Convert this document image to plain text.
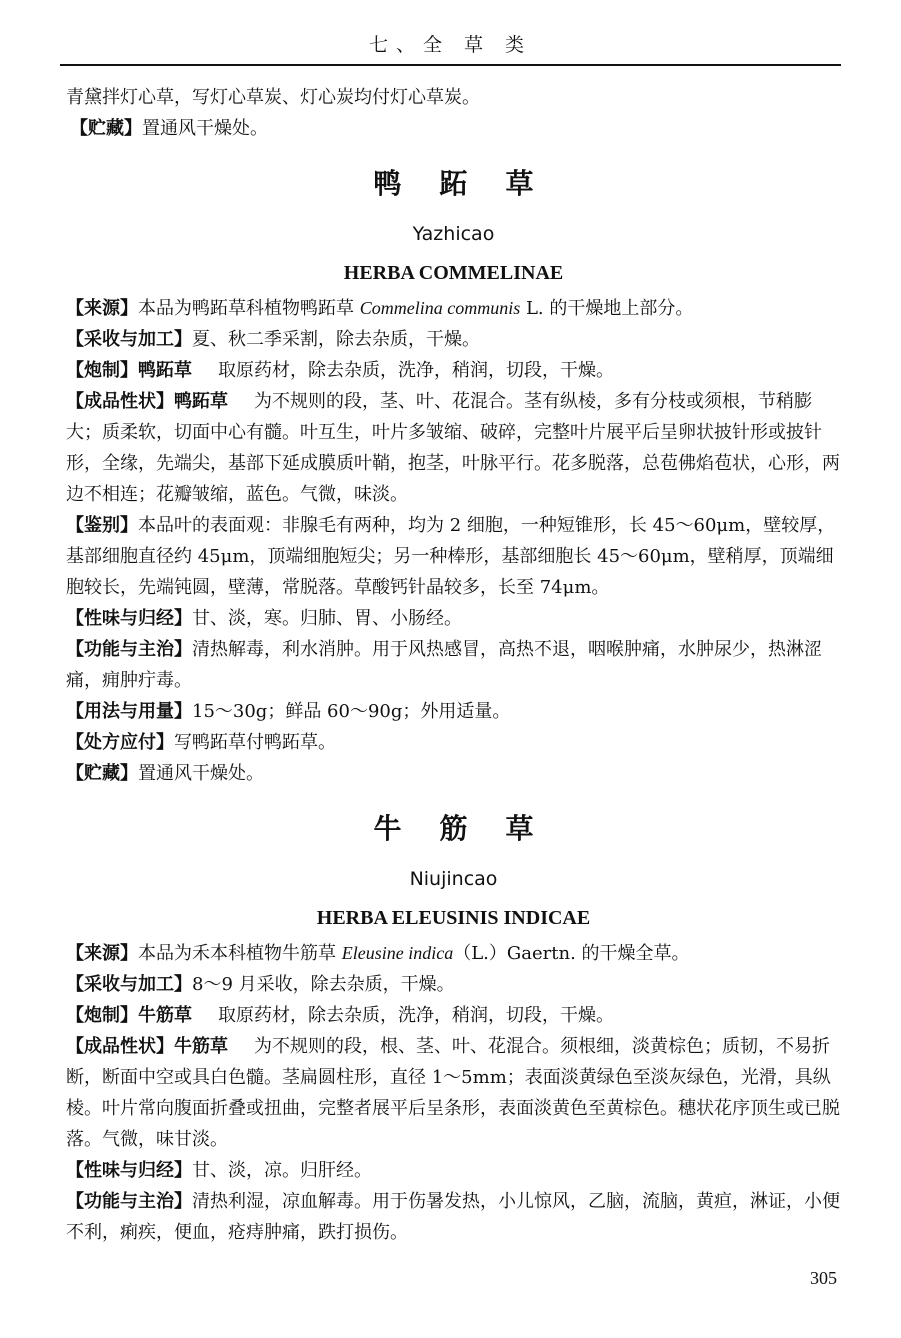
七、全 草 类

青黛拌灯心草，写灯心草炭、灯心炭均付灯心草炭。

【贮藏】置通风干燥处。

鸭跖草

Yazhicao

HERBA COMMELINAE

【来源】本品为鸭跖草科植物鸭跖草 Commelina communis L. 的干燥地上部分。

【采收与加工】夏、秋二季采割，除去杂质，干燥。

【炮制】鸭跖草 取原药材，除去杂质，洗净，稍润，切段，干燥。

【成品性状】鸭跖草 为不规则的段，茎、叶、花混合。茎有纵棱，多有分枝或须根，节稍膨大；质柔软，切面中心有髓。叶互生，叶片多皱缩、破碎，完整叶片展平后呈卵状披针形或披针形，全缘，先端尖，基部下延成膜质叶鞘，抱茎，叶脉平行。花多脱落，总苞佛焰苞状，心形，两边不相连；花瓣皱缩，蓝色。气微，味淡。

【鉴别】本品叶的表面观：非腺毛有两种，均为 2 细胞，一种短锥形，长 45～60μm，壁较厚，基部细胞直径约 45μm，顶端细胞短尖；另一种棒形，基部细胞长 45～60μm，壁稍厚，顶端细胞较长，先端钝圆，壁薄，常脱落。草酸钙针晶较多，长至 74μm。

【性味与归经】甘、淡，寒。归肺、胃、小肠经。

【功能与主治】清热解毒，利水消肿。用于风热感冒，高热不退，咽喉肿痛，水肿尿少，热淋涩痛，痈肿疔毒。

【用法与用量】15～30g；鲜品 60～90g；外用适量。

【处方应付】写鸭跖草付鸭跖草。

【贮藏】置通风干燥处。

牛筋草

Niujincao

HERBA ELEUSINIS INDICAE

【来源】本品为禾本科植物牛筋草 Eleusine indica（L.）Gaertn. 的干燥全草。

【采收与加工】8～9 月采收，除去杂质，干燥。

【炮制】牛筋草 取原药材，除去杂质，洗净，稍润，切段，干燥。

【成品性状】牛筋草 为不规则的段，根、茎、叶、花混合。须根细，淡黄棕色；质韧，不易折断，断面中空或具白色髓。茎扁圆柱形，直径 1～5mm；表面淡黄绿色至淡灰绿色，光滑，具纵棱。叶片常向腹面折叠或扭曲，完整者展平后呈条形，表面淡黄色至黄棕色。穗状花序顶生或已脱落。气微，味甘淡。

【性味与归经】甘、淡，凉。归肝经。

【功能与主治】清热利湿，凉血解毒。用于伤暑发热，小儿惊风，乙脑，流脑，黄疸，淋证，小便不利，痢疾，便血，疮痔肿痛，跌打损伤。

305
